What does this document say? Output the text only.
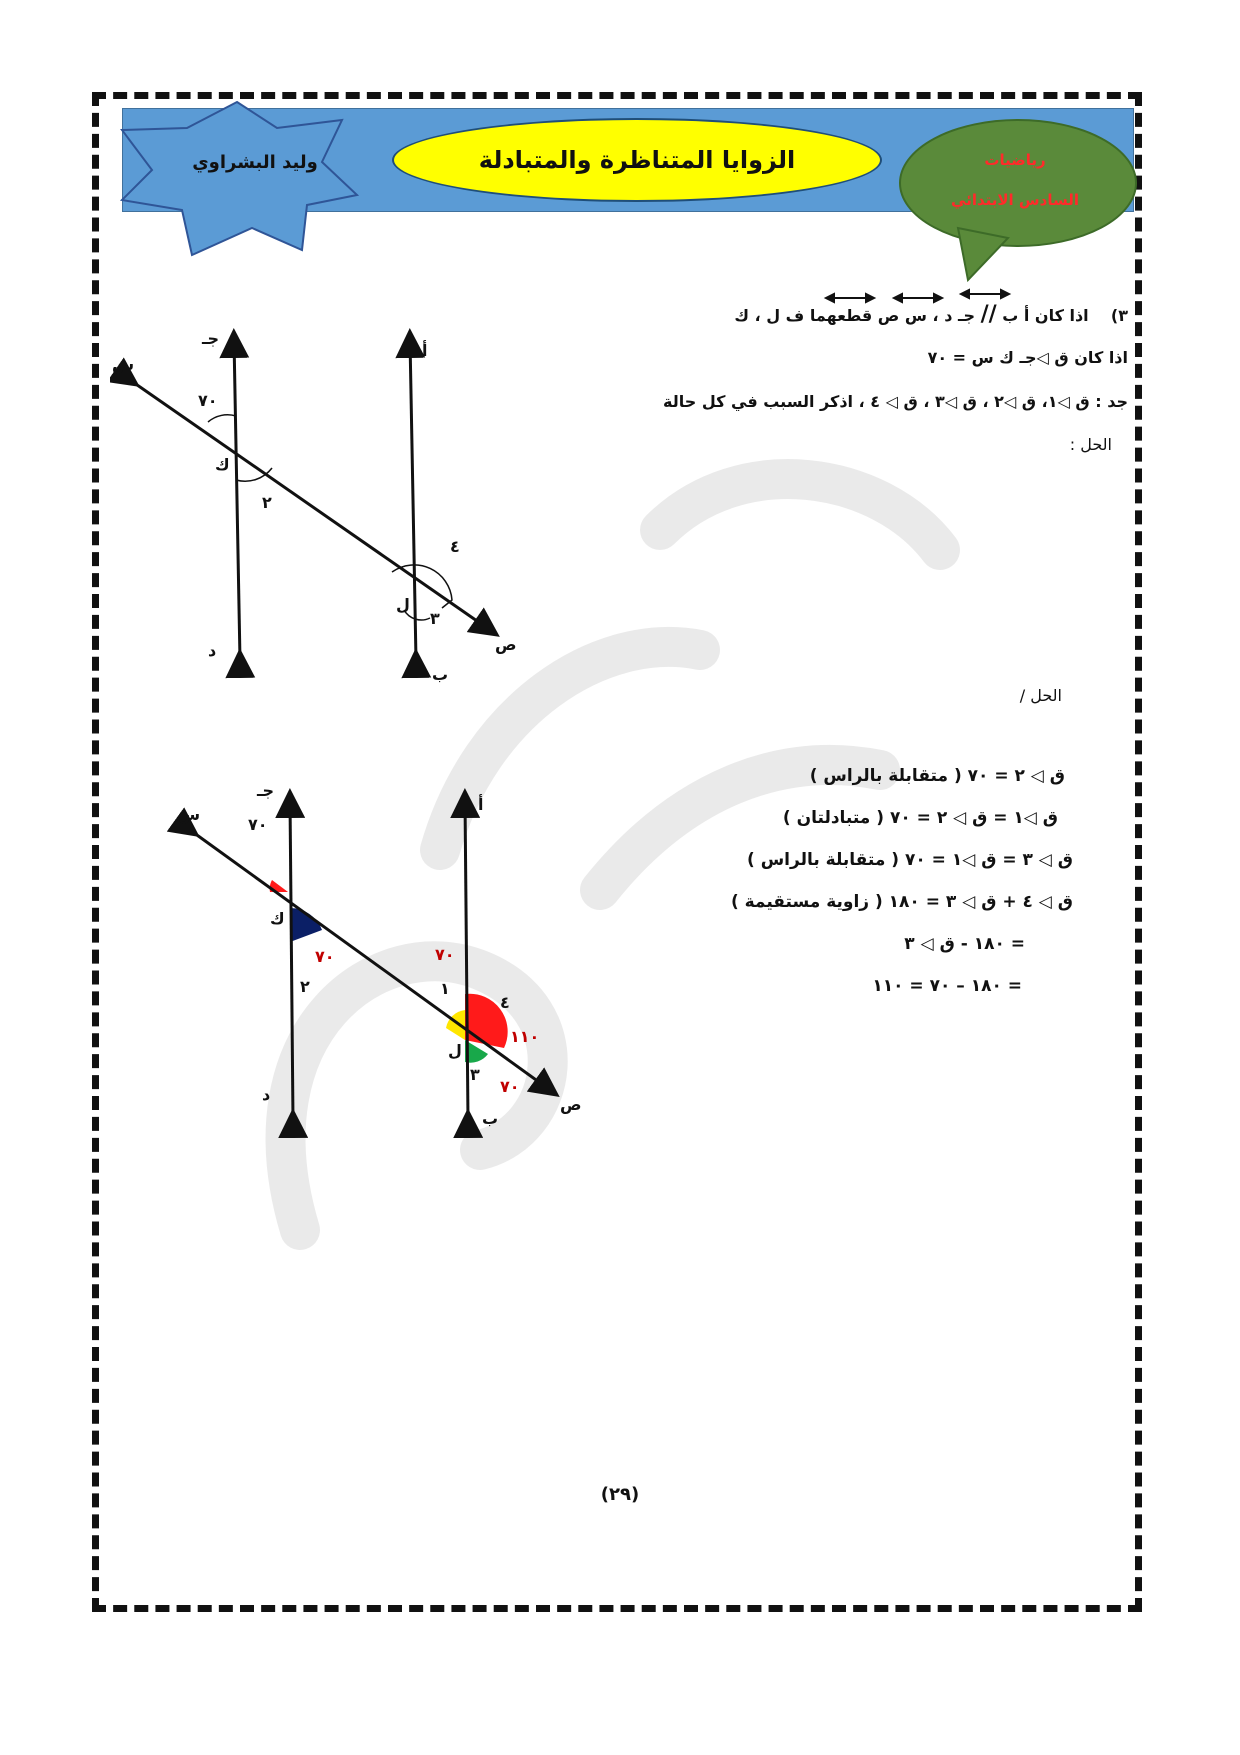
وليد البشراوي	الزوايا المتناظرة والمتبادلة	رياضيات
السادس الابتدائي
٣)    اذا كان أ ب // جـ د ، س ص قطعهما ف ل ، ك
اذا كان ق ◁جـ ك س = ٧٠
جد : ق ◁١، ق ◁٢ ، ق ◁٣ ، ق ◁ ٤ ، اذكر السبب في كل حالة
الحل :
س
ص
جـ
د
أ
ب
ك
ل
٧٠
٢
٣
٤
الحل /
ق ◁ ٢ = ٧٠ ( متقابلة بالراس )
ق ◁١ = ق ◁ ٢ = ٧٠ ( متبادلتان )
ق ◁ ٣ = ق ◁١ = ٧٠ ( متقابلة بالراس )
ق ◁ ٤ + ق ◁ ٣ = ١٨٠ ( زاوية مستقيمة )
= ١٨٠ - ق ◁ ٣
= ١٨٠ – ٧٠ = ١١٠
س
ص
جـ
د
أ
ب
ك
ل
٧٠
٧٠	٧٠
٧٠
١١٠
١
٢
٣
٤
(٢٩)
